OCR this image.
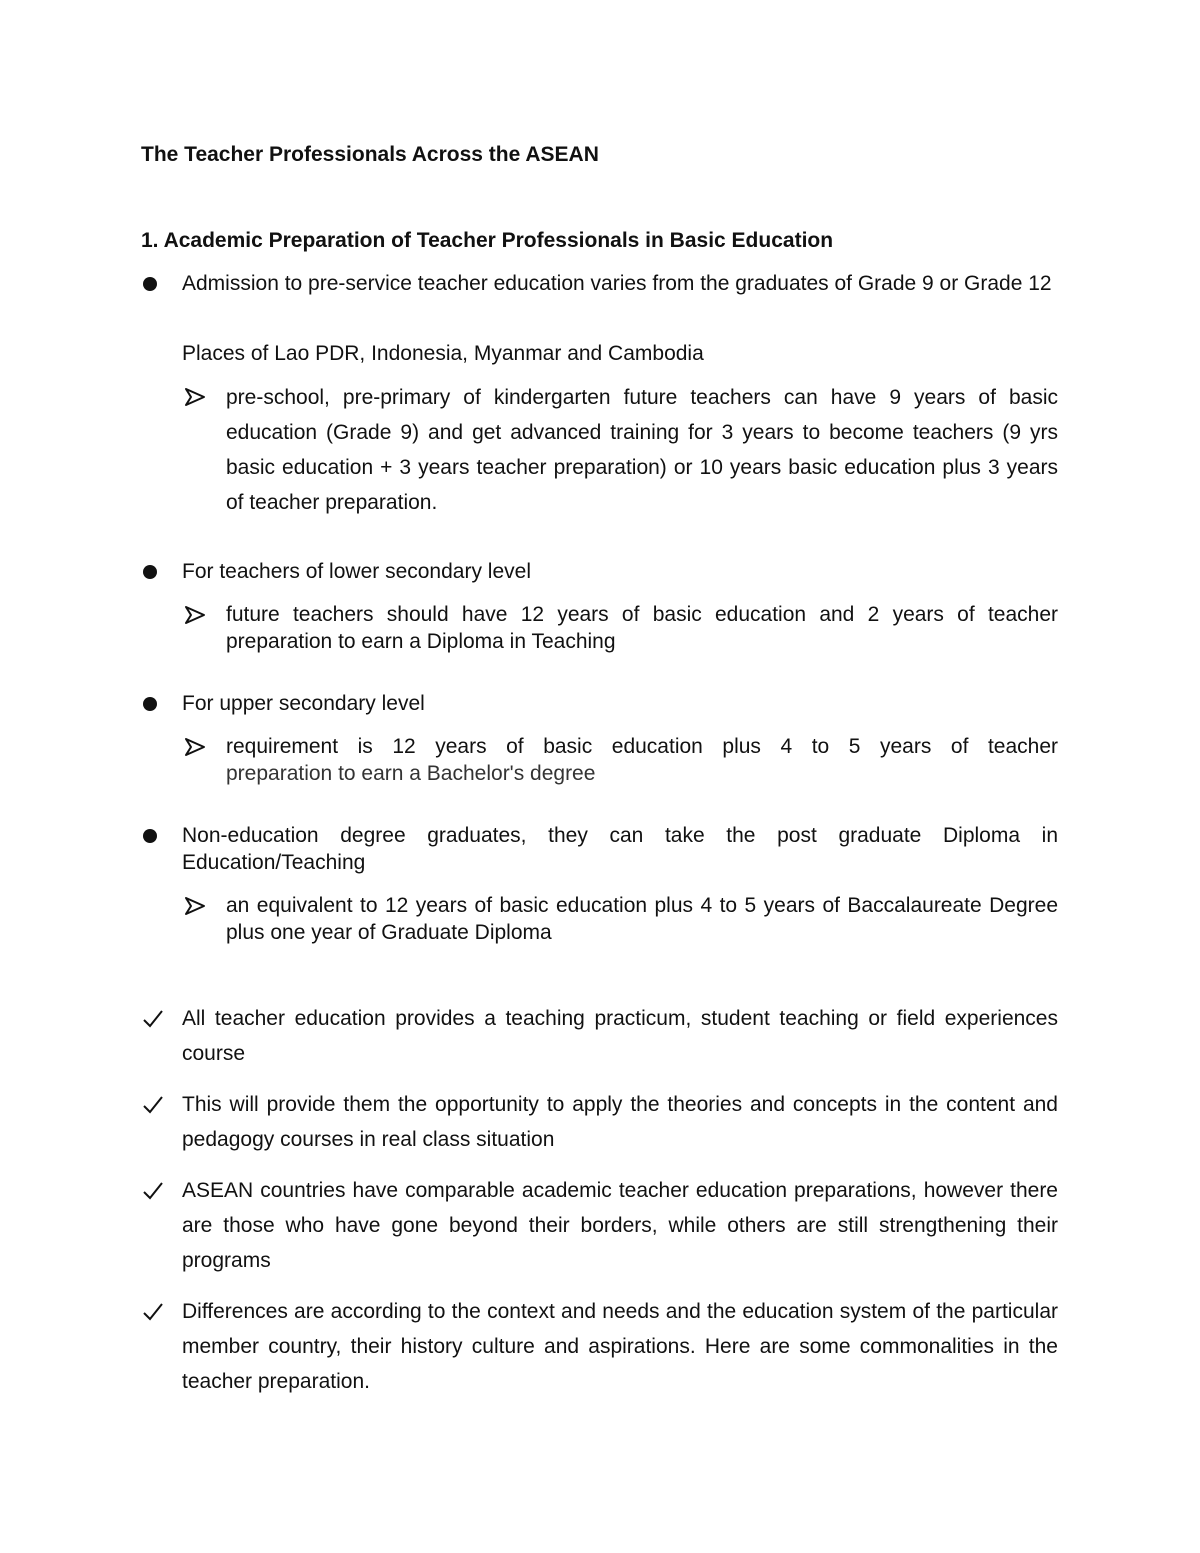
The Teacher Professionals Across the ASEAN
1. Academic Preparation of Teacher Professionals in Basic Education
Admission to pre-service teacher education varies from the graduates of Grade 9 or Grade 12
Places of Lao PDR, Indonesia, Myanmar and Cambodia
pre-school, pre-primary of kindergarten future teachers can have 9 years of basic education (Grade 9) and get advanced training for 3 years to become teachers (9 yrs basic education + 3 years teacher preparation) or 10 years basic education plus 3 years of teacher preparation.
For teachers of lower secondary level
future teachers should have 12 years of basic education and 2 years of teacher preparation to earn a Diploma in Teaching
For upper secondary level
requirement is 12 years of basic education plus 4 to 5 years of teacher
preparation to earn a Bachelor's degree
Non-education degree graduates, they can take the post graduate Diploma in Education/Teaching
an equivalent to 12 years of basic education plus 4 to 5 years of Baccalaureate Degree plus one year of Graduate Diploma
All teacher education provides a teaching practicum, student teaching or field experiences course
This will provide them the opportunity to apply the theories and concepts in the content and pedagogy courses in real class situation
ASEAN countries have comparable academic teacher education preparations, however there are those who have gone beyond their borders, while others are still strengthening their programs
Differences are according to the context and needs and the education system of the particular member country, their history culture and aspirations. Here are some commonalities in the teacher preparation.
